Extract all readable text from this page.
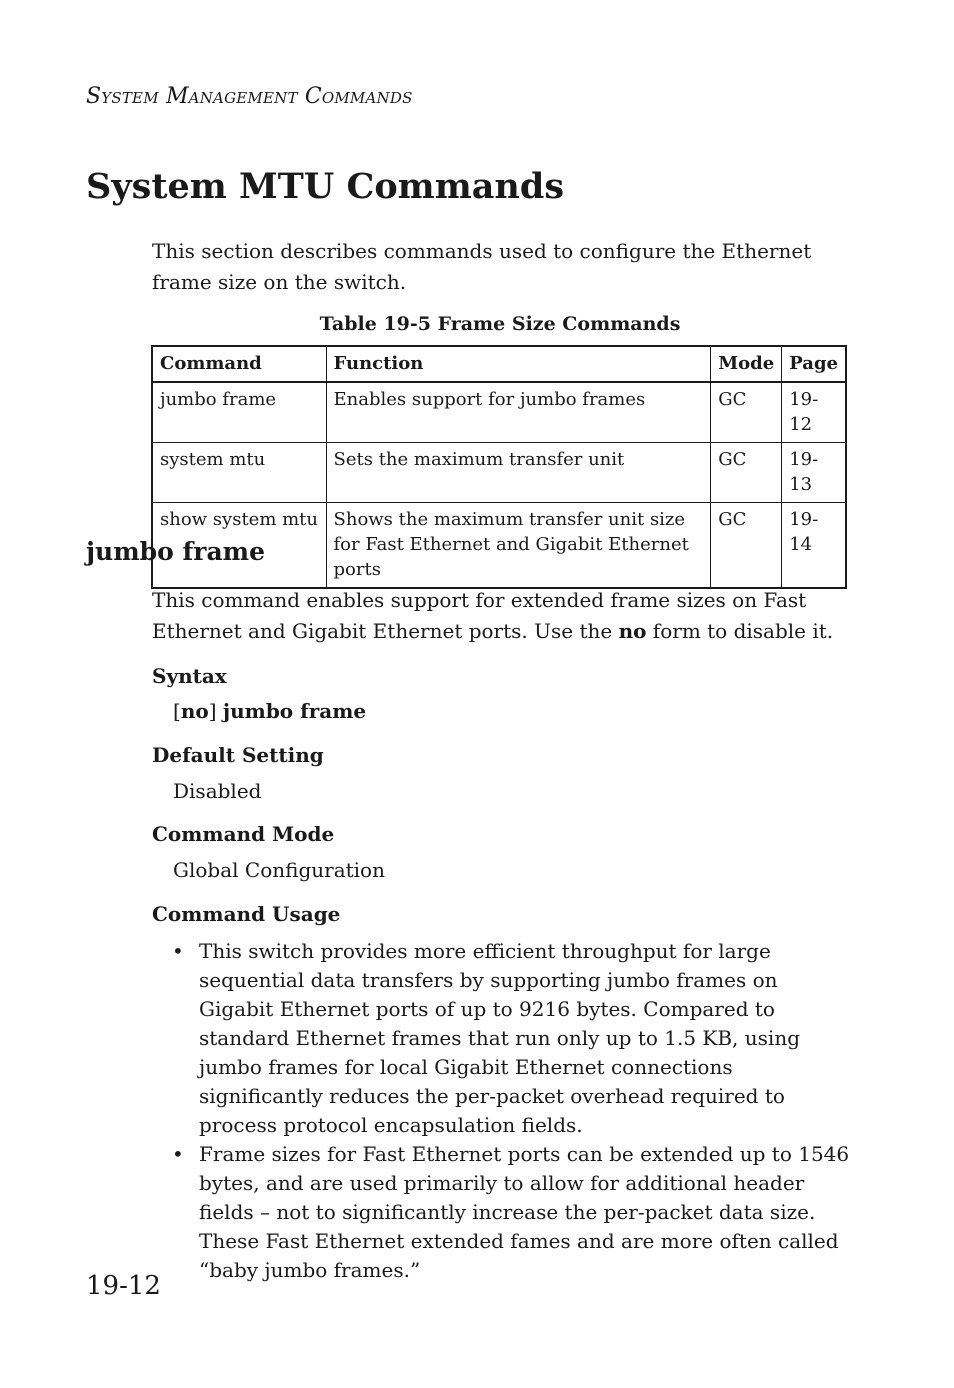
System Management Commands
System MTU Commands

This section describes commands used to configure the Ethernet frame size on the switch.

Table 19-5 Frame Size Commands
Command	Function	Mode	Page
jumbo frame	Enables support for jumbo frames	GC	19-12
system mtu	Sets the maximum transfer unit	GC	19-13
show system mtu	Shows the maximum transfer unit size for Fast Ethernet and Gigabit Ethernet ports	GC	19-14
jumbo frame

This command enables support for extended frame sizes on Fast Ethernet and Gigabit Ethernet ports. Use the no form to disable it.

Syntax
[no] jumbo frame
Default Setting
Disabled
Command Mode
Global Configuration
Command Usage
• This switch provides more efficient throughput for large sequential data transfers by supporting jumbo frames on Gigabit Ethernet ports of up to 9216 bytes. Compared to standard Ethernet frames that run only up to 1.5 KB, using jumbo frames for local Gigabit Ethernet connections significantly reduces the per-packet overhead required to process protocol encapsulation fields.
• Frame sizes for Fast Ethernet ports can be extended up to 1546 bytes, and are used primarily to allow for additional header fields – not to significantly increase the per-packet data size. These Fast Ethernet extended fames and are more often called “baby jumbo frames.”
19-12
